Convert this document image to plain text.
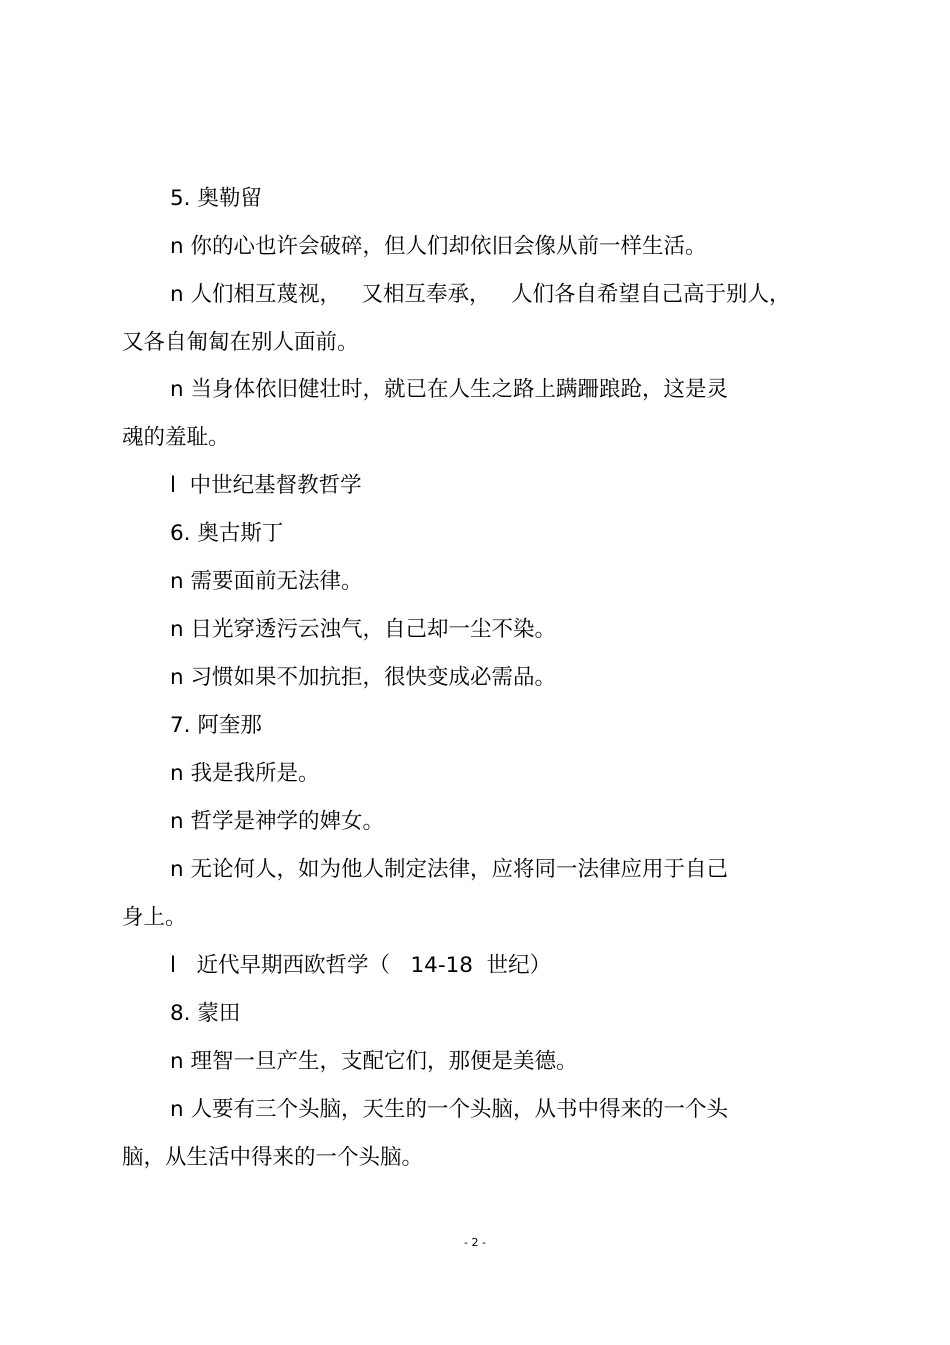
5. 奥勒留
n 你的心也许会破碎，但人们却依旧会像从前一样生活。
n 人们相互蔑视，   又相互奉承，   人们各自希望自己高于别人，
又各自匍匐在别人面前。
n 当身体依旧健壮时，就已在人生之路上蹒跚踉跄，这是灵
魂的羞耻。
l  中世纪基督教哲学
6. 奥古斯丁
n 需要面前无法律。
n 日光穿透污云浊气，自己却一尘不染。
n 习惯如果不加抗拒，很快变成必需品。
7. 阿奎那
n 我是我所是。
n 哲学是神学的婢女。
n 无论何人，如为他人制定法律，应将同一法律应用于自己
身上。
l   近代早期西欧哲学（   14-18  世纪）
8. 蒙田
n 理智一旦产生，支配它们，那便是美德。
n 人要有三个头脑，天生的一个头脑，从书中得来的一个头
脑，从生活中得来的一个头脑。
- 2 -
